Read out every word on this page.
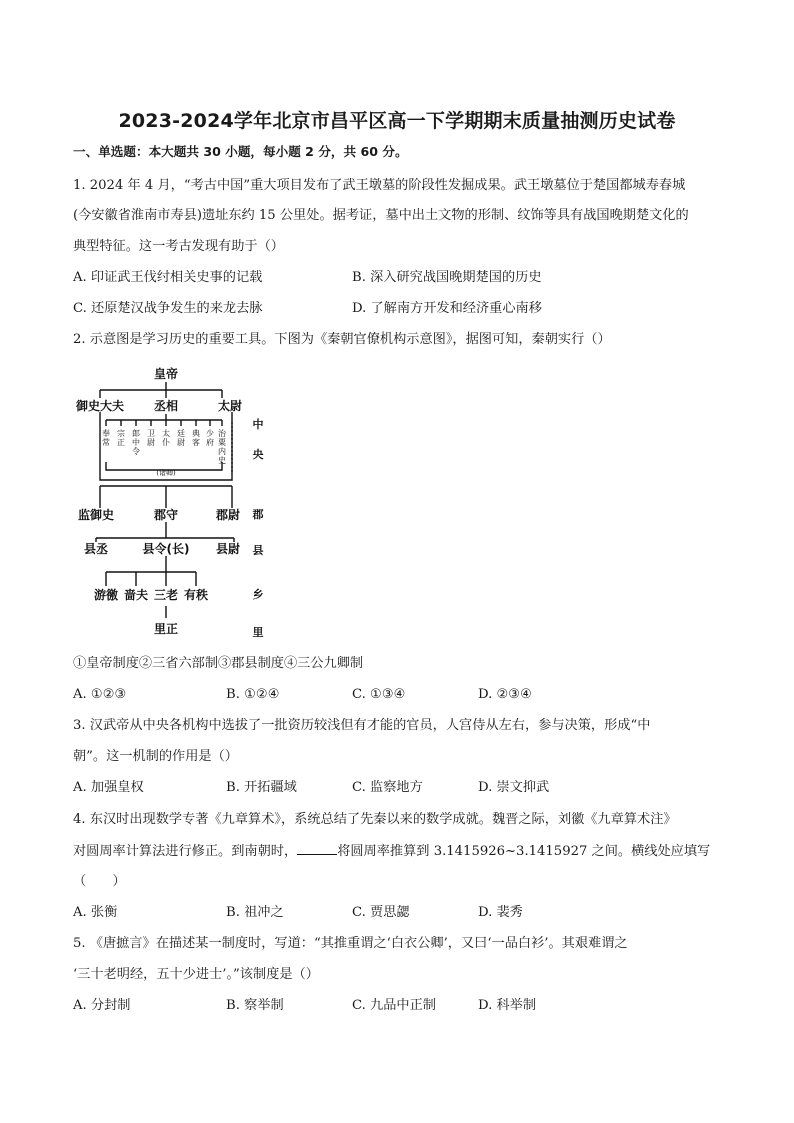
2023-2024学年北京市昌平区高一下学期期末质量抽测历史试卷
一、单选题：本大题共 30 小题，每小题 2 分，共 60 分。
1. 2024 年 4 月，“考古中国”重大项目发布了武王墩墓的阶段性发掘成果。武王墩墓位于楚国都城寿春城
(今安徽省淮南市寿县)遗址东约 15 公里处。据考证，墓中出土文物的形制、纹饰等具有战国晚期楚文化的
典型特征。这一考古发现有助于（）
A. 印证武王伐纣相关史事的记载	B. 深入研究战国晚期楚国的历史
C. 还原楚汉战争发生的来龙去脉	D. 了解南方开发和经济重心南移
2. 示意图是学习历史的重要工具。下图为《秦朝官僚机构示意图》，据图可知，秦朝实行（）
皇帝
御史大夫 丞相	太尉
奉常
宗正
郎中令
卫尉
太仆
廷尉
典客
少府
治粟内史
(诸卿)
监御史	郡守	郡尉
县丞	县令(长) 县尉
游徼 啬夫 三老 有秩
里正
中
央
郡
县
乡
里
①皇帝制度②三省六部制③郡县制度④三公九卿制
A. ①②③	B. ①②④	C. ①③④	D. ②③④
3. 汉武帝从中央各机构中选拔了一批资历较浅但有才能的官员，人宫侍从左右，参与决策，形成“中
朝”。这一机制的作用是（）
A. 加强皇权	B. 开拓疆域	C. 监察地方	D. 崇文抑武
4. 东汉时出现数学专著《九章算术》，系统总结了先秦以来的数学成就。魏晋之际，刘徽《九章算术注》
对圆周率计算法进行修正。到南朝时，	将圆周率推算到 3.1415926~3.1415927 之间。横线处应填写
（　　）
A. 张衡	B. 祖冲之	C. 贾思勰	D. 裴秀
5. 《唐摭言》在描述某一制度时，写道：“其推重谓之‘白衣公卿’，又曰‘一品白衫’。其艰难谓之
‘三十老明经，五十少进士’。”该制度是（）
A. 分封制	B. 察举制	C. 九品中正制	D. 科举制
